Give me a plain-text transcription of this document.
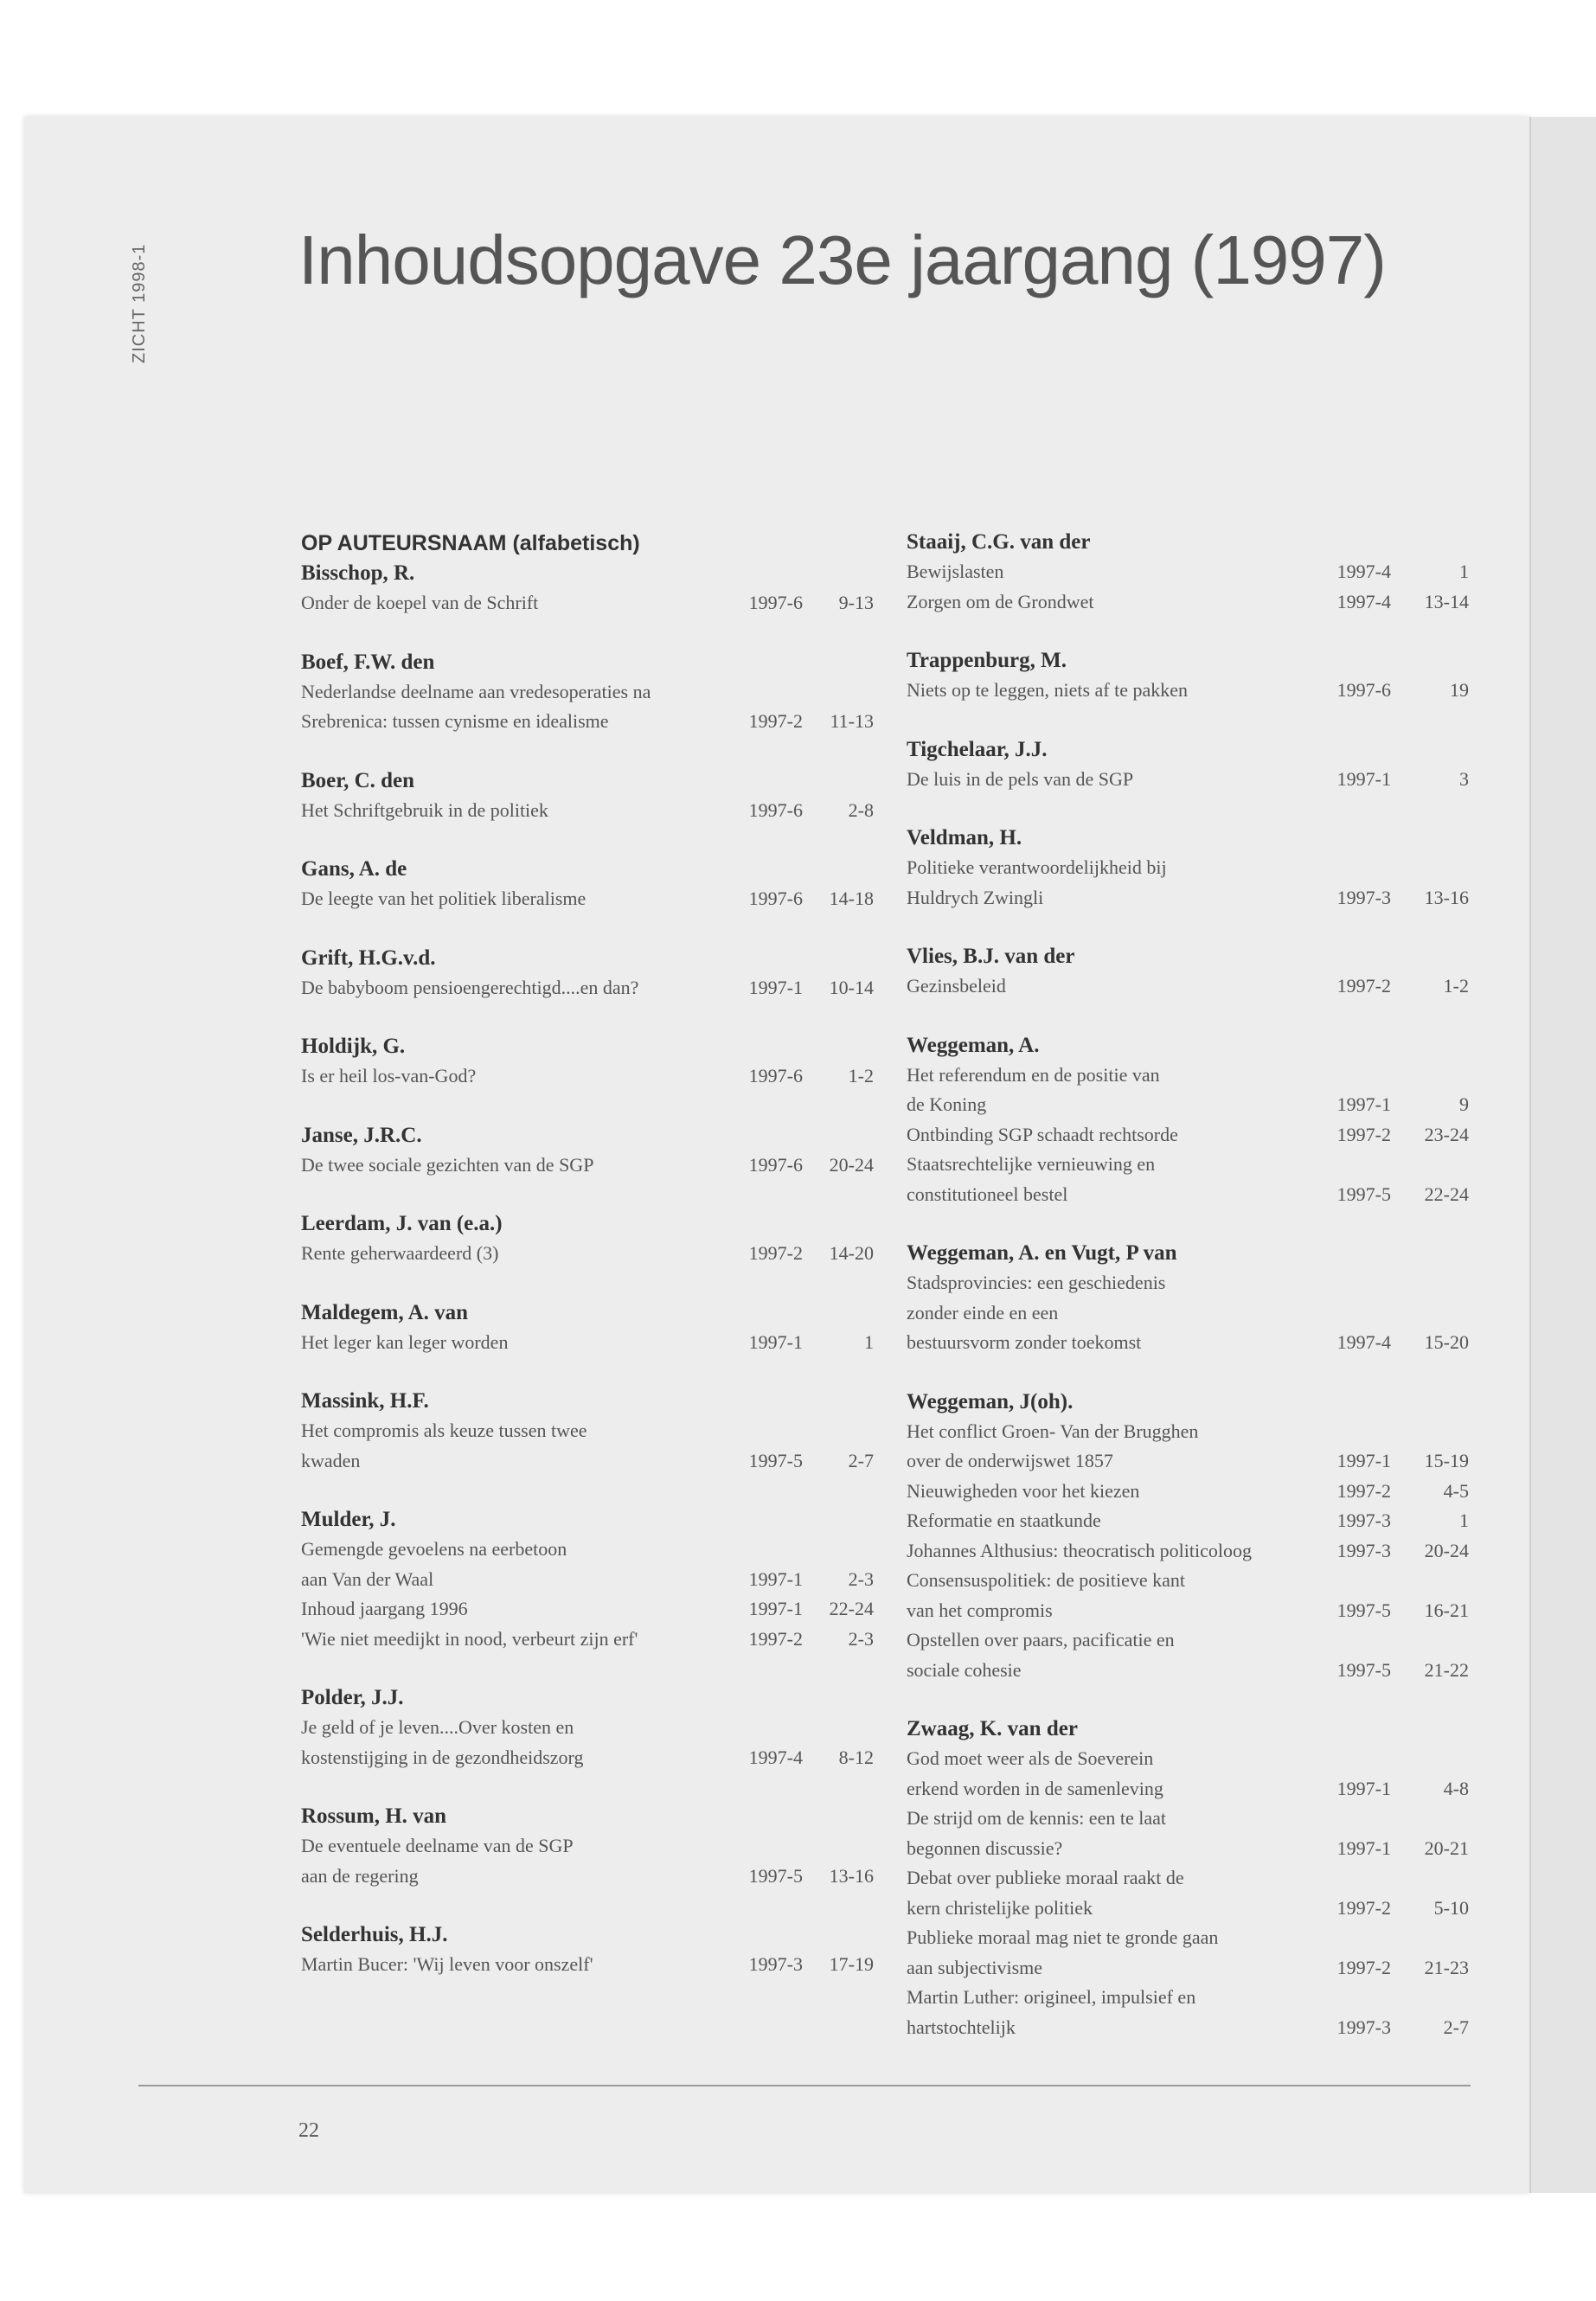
ZICHT 1998-1 Inhoudsopgave 23e jaargang (1997)
OP AUTEURSNAAM (alfabetisch)
Bisschop, R.
Onder de koepel van de Schrift	1997-6	9-13
Boef, F.W. den
Nederlandse deelname aan vredesoperaties na
Srebrenica: tussen cynisme en idealisme	1997-2	11-13
Boer, C. den
Het Schriftgebruik in de politiek	1997-6	2-8
Gans, A. de
De leegte van het politiek liberalisme	1997-6	14-18
Grift, H.G.v.d.
De babyboom pensioengerechtigd....en dan?	1997-1	10-14
Holdijk, G.
Is er heil los-van-God?	1997-6	1-2
Janse, J.R.C.
De twee sociale gezichten van de SGP	1997-6	20-24
Leerdam, J. van (e.a.)
Rente geherwaardeerd (3)	1997-2	14-20
Maldegem, A. van
Het leger kan leger worden	1997-1	1
Massink, H.F.
Het compromis als keuze tussen twee
kwaden	1997-5	2-7
Mulder, J.
Gemengde gevoelens na eerbetoon
aan Van der Waal	1997-1	2-3
Inhoud jaargang 1996	1997-1	22-24
'Wie niet meedijkt in nood, verbeurt zijn erf'	1997-2	2-3
Polder, J.J.
Je geld of je leven....Over kosten en
kostenstijging in de gezondheidszorg	1997-4	8-12
Rossum, H. van
De eventuele deelname van de SGP
aan de regering	1997-5	13-16
Selderhuis, H.J.
Martin Bucer: 'Wij leven voor onszelf'	1997-3	17-19
Staaij, C.G. van der
Bewijslasten	1997-4	1
Zorgen om de Grondwet	1997-4	13-14
Trappenburg, M.
Niets op te leggen, niets af te pakken	1997-6	19
Tigchelaar, J.J.
De luis in de pels van de SGP	1997-1	3
Veldman, H.
Politieke verantwoordelijkheid bij
Huldrych Zwingli	1997-3	13-16
Vlies, B.J. van der
Gezinsbeleid	1997-2	1-2
Weggeman, A.
Het referendum en de positie van
de Koning	1997-1	9
Ontbinding SGP schaadt rechtsorde	1997-2	23-24
Staatsrechtelijke vernieuwing en
constitutioneel bestel	1997-5	22-24
Weggeman, A. en Vugt, P van
Stadsprovincies: een geschiedenis
zonder einde en een
bestuursvorm zonder toekomst	1997-4	15-20
Weggeman, J(oh).
Het conflict Groen- Van der Brugghen
over de onderwijswet 1857	1997-1	15-19
Nieuwigheden voor het kiezen	1997-2	4-5
Reformatie en staatkunde	1997-3	1
Johannes Althusius: theocratisch politicoloog	1997-3	20-24
Consensuspolitiek: de positieve kant
van het compromis	1997-5	16-21
Opstellen over paars, pacificatie en
sociale cohesie	1997-5	21-22
Zwaag, K. van der
God moet weer als de Soeverein
erkend worden in de samenleving	1997-1	4-8
De strijd om de kennis: een te laat
begonnen discussie?	1997-1	20-21
Debat over publieke moraal raakt de
kern christelijke politiek	1997-2	5-10
Publieke moraal mag niet te gronde gaan
aan subjectivisme	1997-2	21-23
Martin Luther: origineel, impulsief en
hartstochtelijk	1997-3	2-7
22
